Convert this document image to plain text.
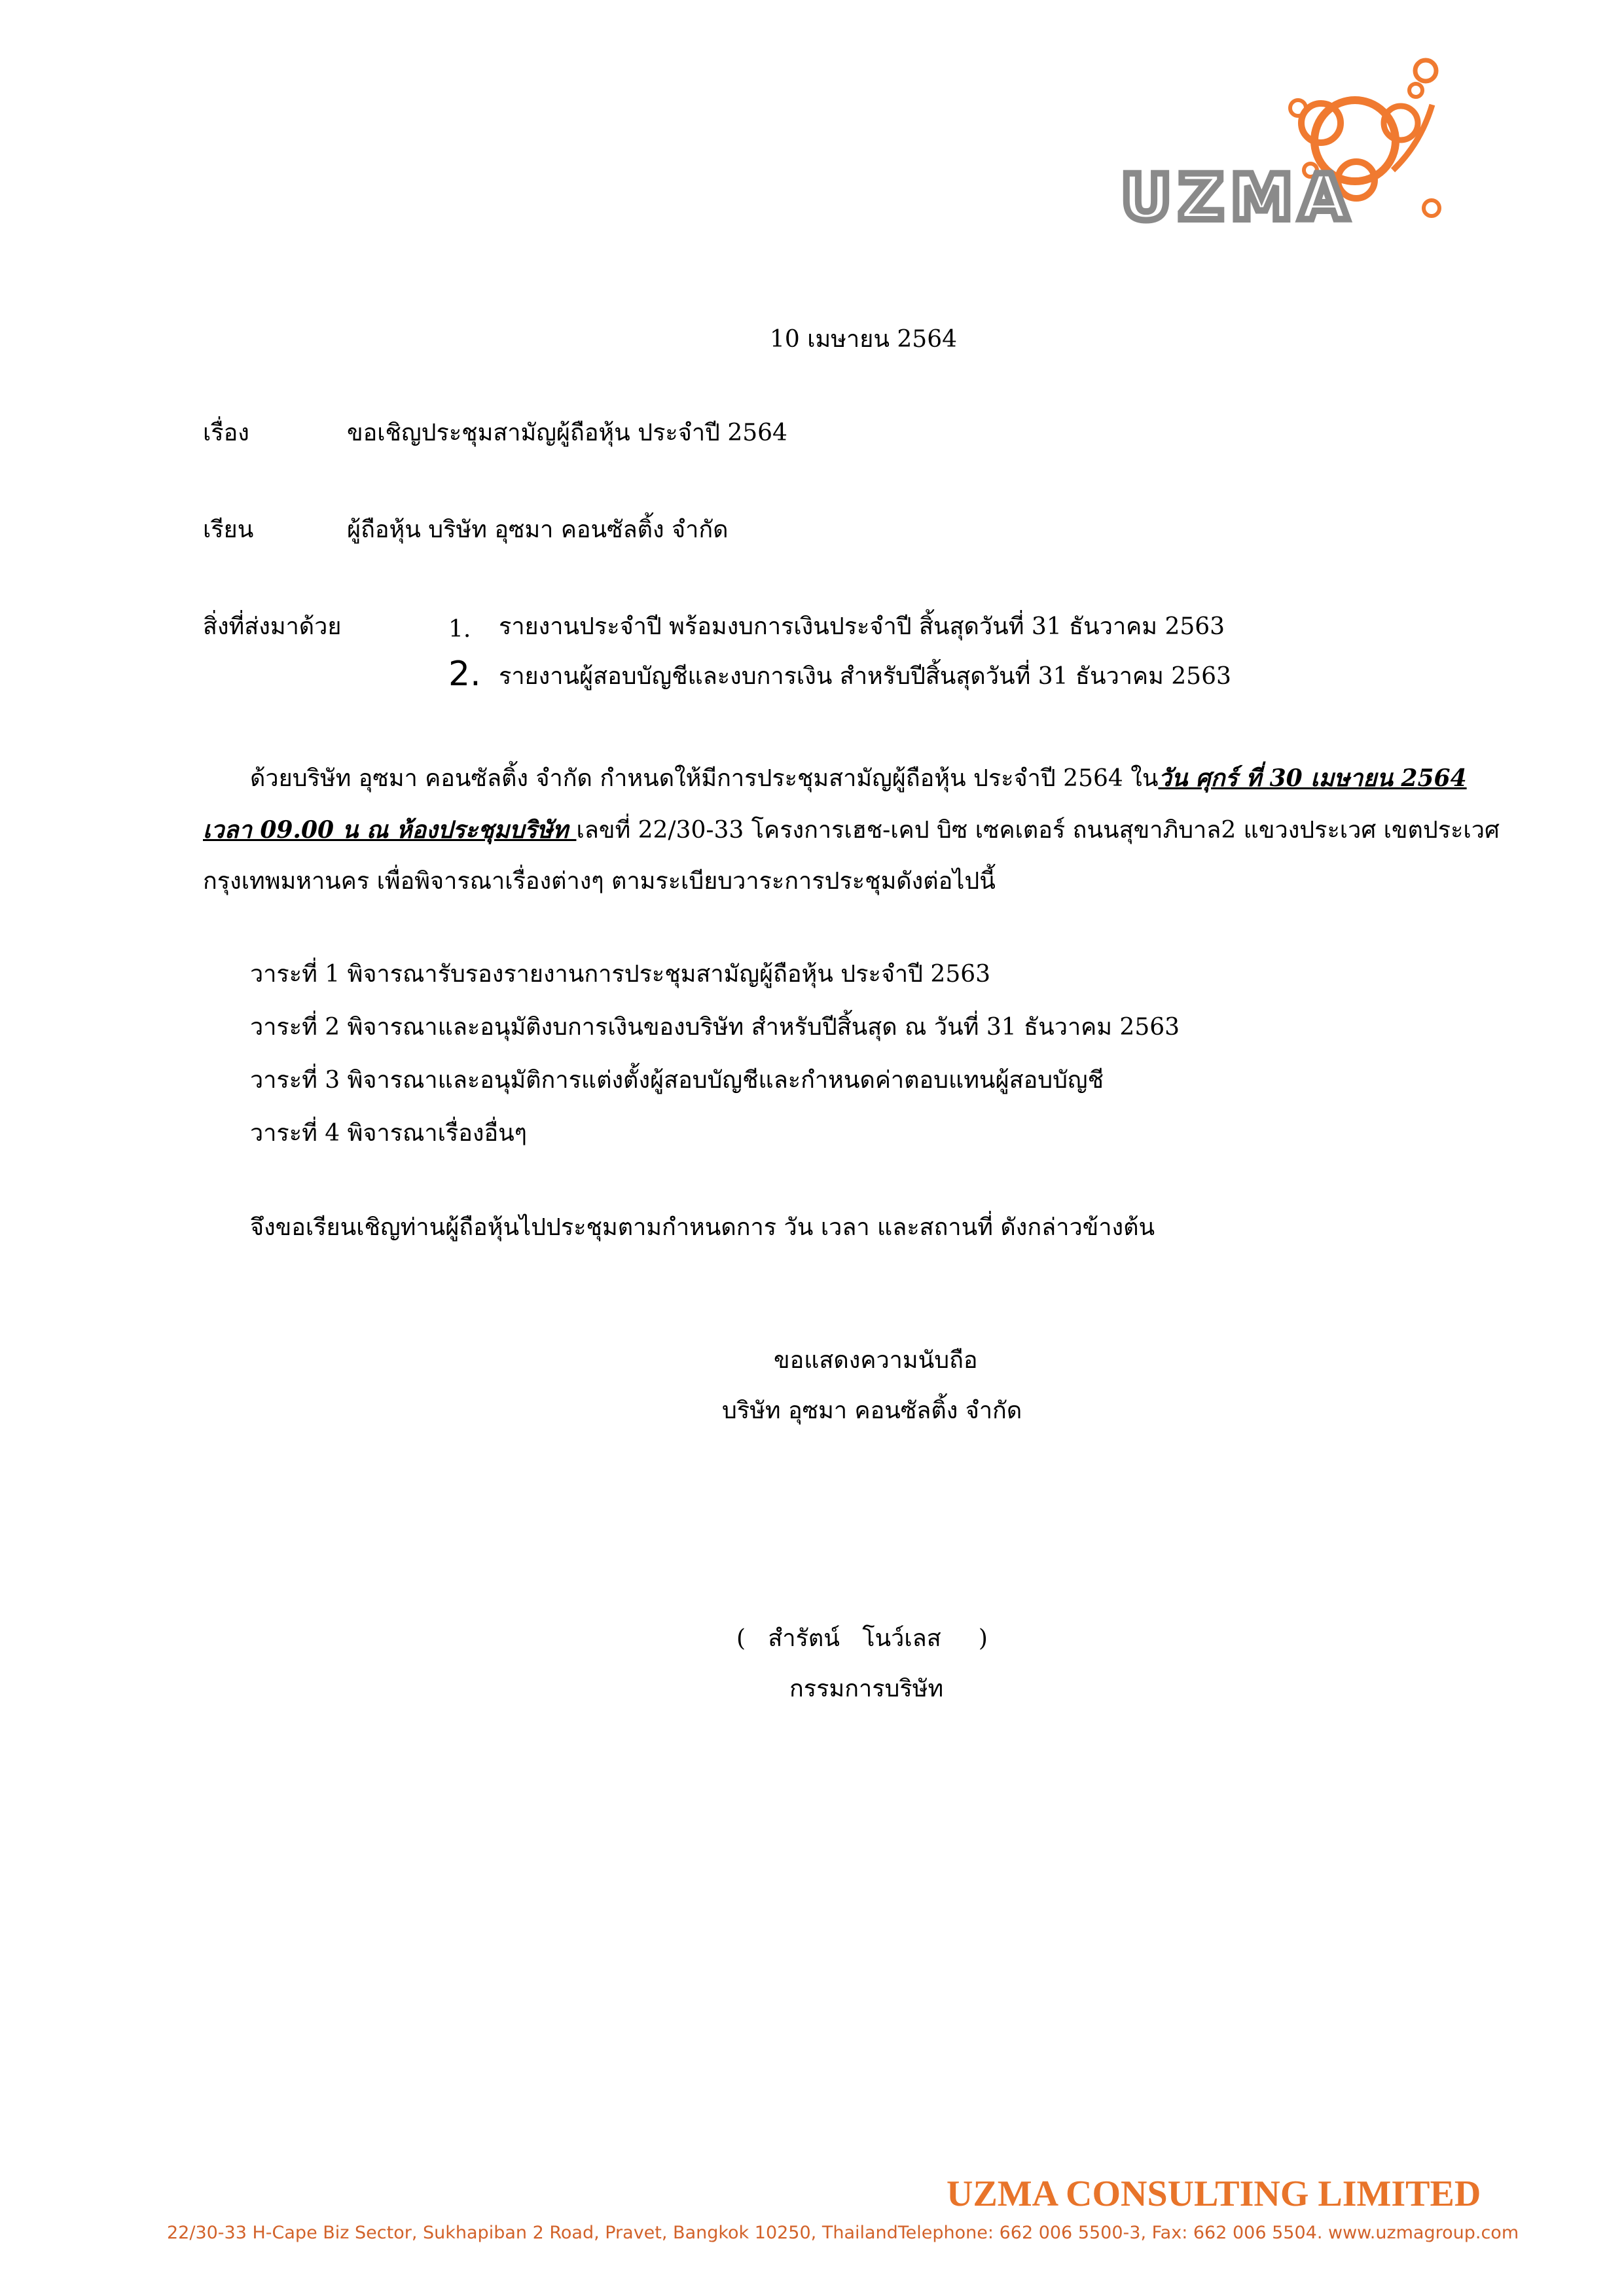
UZMA
10 เมษายน 2564
เรื่อง	ขอเชิญประชุมสามัญผู้ถือหุ้น ประจำปี 2564
เรียน	ผู้ถือหุ้น บริษัท อุซมา คอนซัลติ้ง จำกัด
สิ่งที่ส่งมาด้วย	1. รายงานประจำปี พร้อมงบการเงินประจำปี สิ้นสุดวันที่ 31 ธันวาคม 2563
2. รายงานผู้สอบบัญชีและงบการเงิน สำหรับปีสิ้นสุดวันที่ 31 ธันวาคม 2563
ด้วยบริษัท อุซมา คอนซัลติ้ง จำกัด กำหนดให้มีการประชุมสามัญผู้ถือหุ้น ประจำปี 2564 ในวัน ศุกร์ ที่ 30 เมษายน 2564
เวลา 09.00 น ณ ห้องประชุมบริษัท เลขที่ 22/30-33 โครงการเฮช-เคป บิซ เซคเตอร์ ถนนสุขาภิบาล2 แขวงประเวศ เขตประเวศ
กรุงเทพมหานคร เพื่อพิจารณาเรื่องต่างๆ ตามระเบียบวาระการประชุมดังต่อไปนี้
วาระที่ 1 พิจารณารับรองรายงานการประชุมสามัญผู้ถือหุ้น ประจำปี 2563
วาระที่ 2 พิจารณาและอนุมัติงบการเงินของบริษัท สำหรับปีสิ้นสุด ณ วันที่ 31 ธันวาคม 2563
วาระที่ 3 พิจารณาและอนุมัติการแต่งตั้งผู้สอบบัญชีและกำหนดค่าตอบแทนผู้สอบบัญชี
วาระที่ 4 พิจารณาเรื่องอื่นๆ
จึงขอเรียนเชิญท่านผู้ถือหุ้นไปประชุมตามกำหนดการ วัน เวลา และสถานที่ ดังกล่าวข้างต้น
ขอแสดงความนับถือ
บริษัท อุซมา คอนซัลติ้ง จำกัด
(   สำรัตน์   โนว์เลส     )
กรรมการบริษัท
UZMA CONSULTING LIMITED
22/30-33 H-Cape Biz Sector, Sukhapiban 2 Road, Pravet, Bangkok 10250, ThailandTelephone: 662 006 5500-3, Fax: 662 006 5504. www.uzmagroup.com
